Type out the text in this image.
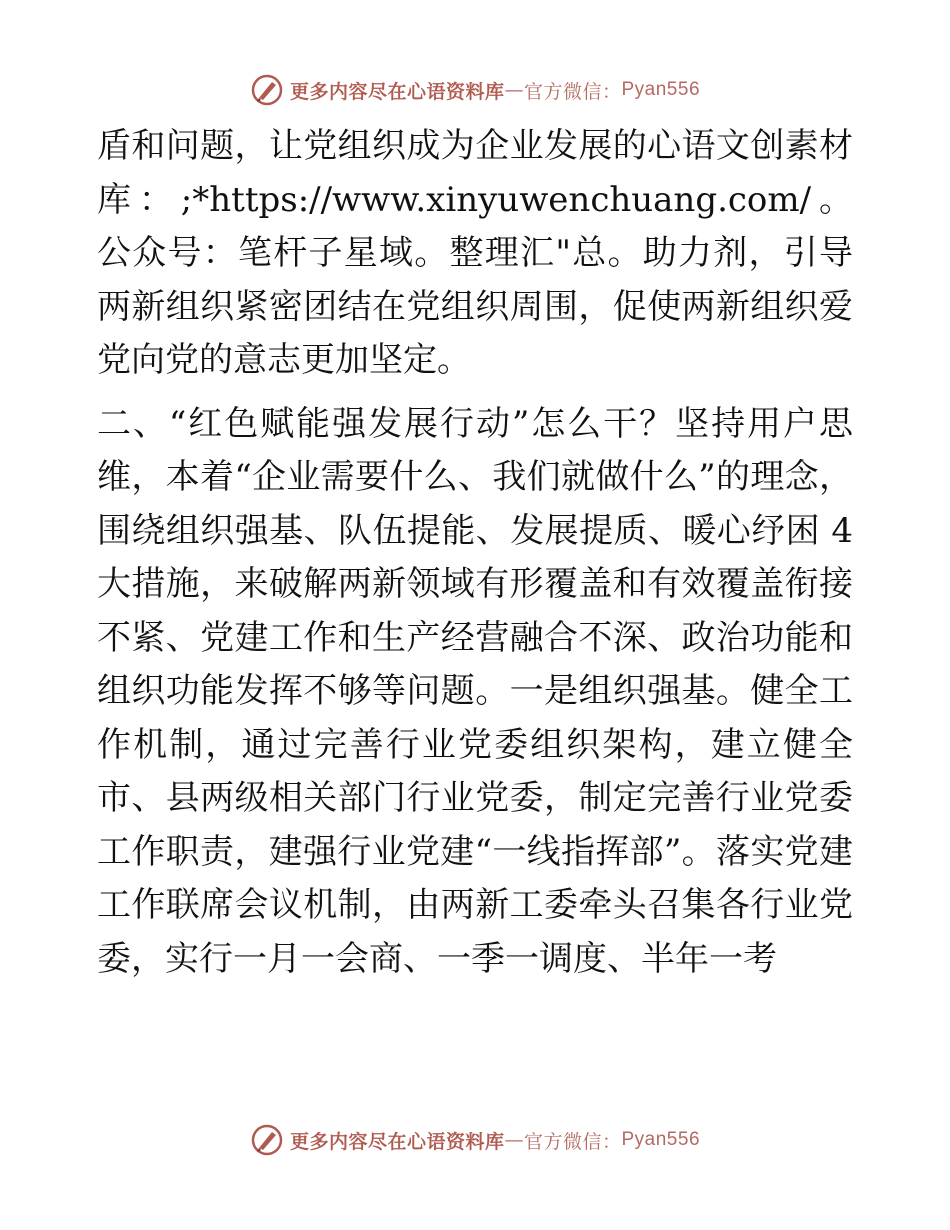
更多内容尽在心语资料库 — 官方微信： Pyan556

盾和问题，让党组织成为企业发展的心语文创素材库：;*https://www.xinyuwenchuang.com/。公众号：笔杆子星域。整理汇"总。助力剂，引导两新组织紧密团结在党组织周围，促使两新组织爱党向党的意志更加坚定。

二、“红色赋能强发展行动”怎么干？坚持用户思维，本着“企业需要什么、我们就做什么”的理念，围绕组织强基、队伍提能、发展提质、暖心纾困 4 大措施，来破解两新领域有形覆盖和有效覆盖衔接不紧、党建工作和生产经营融合不深、政治功能和组织功能发挥不够等问题。一是组织强基。健全工作机制，通过完善行业党委组织架构，建立健全市、县两级相关部门行业党委，制定完善行业党委工作职责，建强行业党建“一线指挥部”。落实党建工作联席会议机制，由两新工委牵头召集各行业党委，实行一月一会商、一季一调度、半年一考

更多内容尽在心语资料库 — 官方微信： Pyan556
